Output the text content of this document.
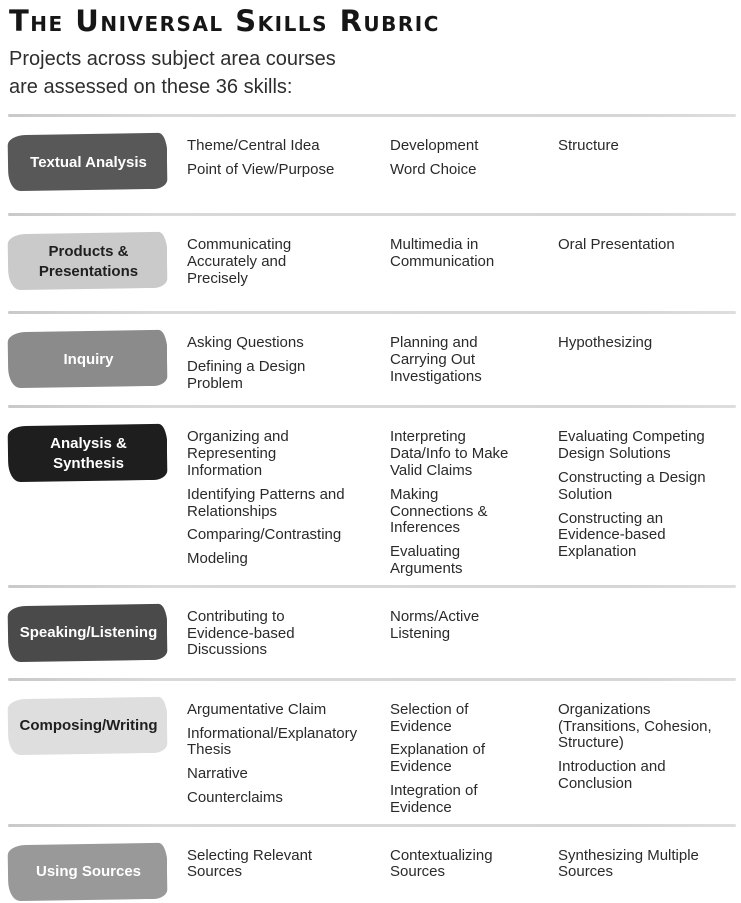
The Universal Skills Rubric
Projects across subject area courses
are assessed on these 36 skills:
Textual Analysis
Theme/Central Idea
Point of View/Purpose
Development
Word Choice
Structure
Products & Presentations
Communicating Accurately and Precisely
Multimedia in Communication
Oral Presentation
Inquiry
Asking Questions
Defining a Design Problem
Planning and Carrying Out Investigations
Hypothesizing
Analysis & Synthesis
Organizing and Representing Information
Identifying Patterns and Relationships
Comparing/Contrasting
Modeling
Interpreting Data/Info to Make Valid Claims
Making Connections & Inferences
Evaluating Arguments
Evaluating Competing Design Solutions
Constructing a Design Solution
Constructing an Evidence-based Explanation
Speaking/Listening
Contributing to Evidence-based Discussions
Norms/Active Listening
Composing/Writing
Argumentative Claim
Informational/Explanatory Thesis
Narrative
Counterclaims
Selection of Evidence
Explanation of Evidence
Integration of Evidence
Organizations (Transitions, Cohesion, Structure)
Introduction and Conclusion
Using Sources
Selecting Relevant Sources
Contextualizing Sources
Synthesizing Multiple Sources
